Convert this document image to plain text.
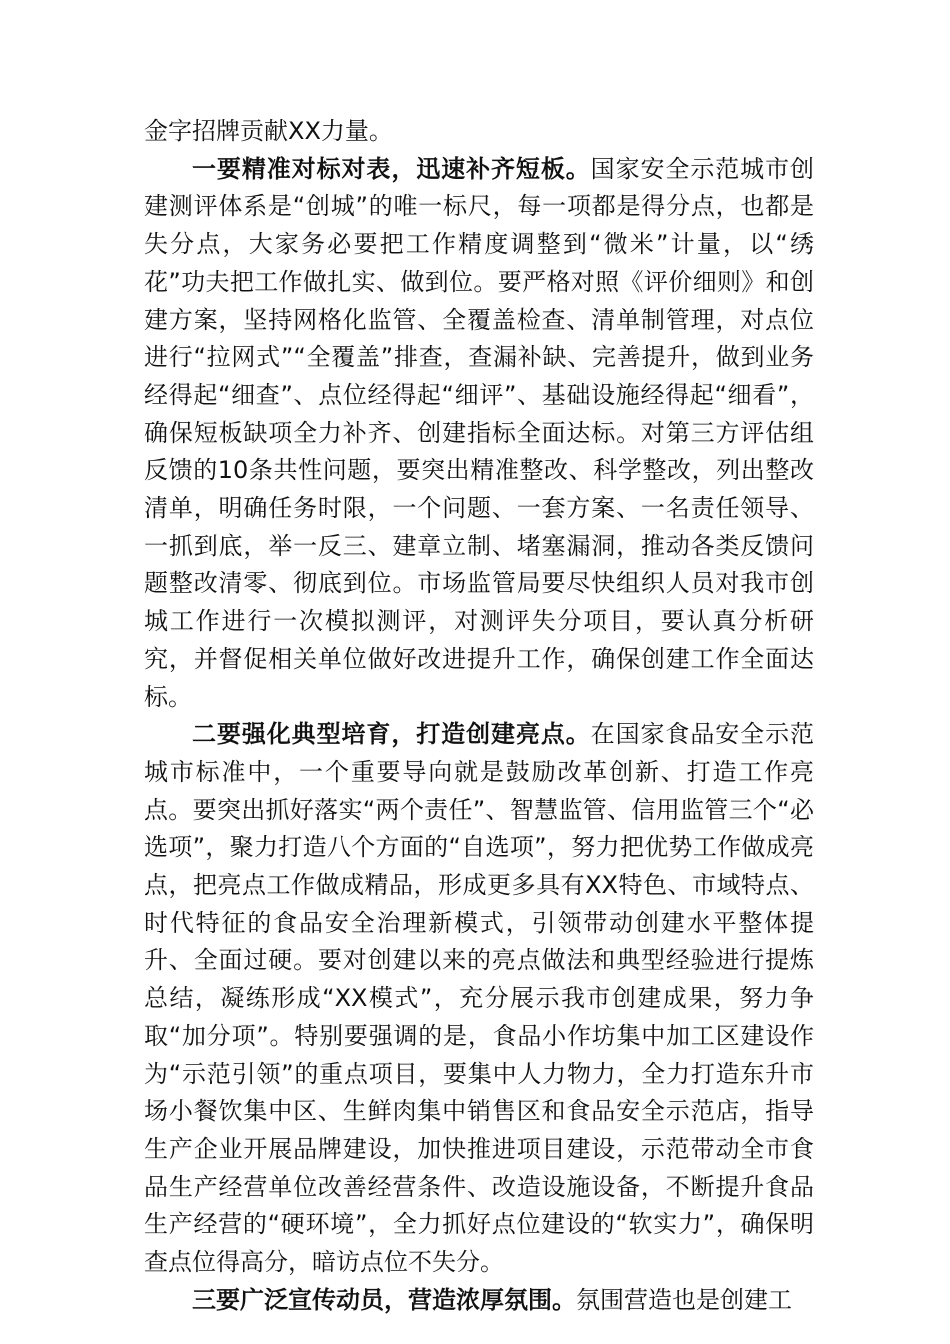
金字招牌贡献XX力量。

一要精准对标对表，迅速补齐短板。国家安全示范城市创建测评体系是“创城”的唯一标尺，每一项都是得分点，也都是失分点，大家务必要把工作精度调整到“微米”计量，以“绣花”功夫把工作做扎实、做到位。要严格对照《评价细则》和创建方案，坚持网格化监管、全覆盖检查、清单制管理，对点位进行“拉网式”“全覆盖”排查，查漏补缺、完善提升，做到业务经得起“细查”、点位经得起“细评”、基础设施经得起“细看”，确保短板缺项全力补齐、创建指标全面达标。对第三方评估组反馈的10条共性问题，要突出精准整改、科学整改，列出整改清单，明确任务时限，一个问题、一套方案、一名责任领导、一抓到底，举一反三、建章立制、堵塞漏洞，推动各类反馈问题整改清零、彻底到位。市场监管局要尽快组织人员对我市创城工作进行一次模拟测评，对测评失分项目，要认真分析研究，并督促相关单位做好改进提升工作，确保创建工作全面达标。

二要强化典型培育，打造创建亮点。在国家食品安全示范城市标准中，一个重要导向就是鼓励改革创新、打造工作亮点。要突出抓好落实“两个责任”、智慧监管、信用监管三个“必选项”，聚力打造八个方面的“自选项”，努力把优势工作做成亮点，把亮点工作做成精品，形成更多具有XX特色、市域特点、时代特征的食品安全治理新模式，引领带动创建水平整体提升、全面过硬。要对创建以来的亮点做法和典型经验进行提炼总结，凝练形成“XX模式”，充分展示我市创建成果，努力争取“加分项”。特别要强调的是，食品小作坊集中加工区建设作为“示范引领”的重点项目，要集中人力物力，全力打造东升市场小餐饮集中区、生鲜肉集中销售区和食品安全示范店，指导生产企业开展品牌建设，加快推进项目建设，示范带动全市食品生产经营单位改善经营条件、改造设施设备，不断提升食品生产经营的“硬环境”，全力抓好点位建设的“软实力”，确保明查点位得高分，暗访点位不失分。

三要广泛宣传动员，营造浓厚氛围。氛围营造也是创建工
